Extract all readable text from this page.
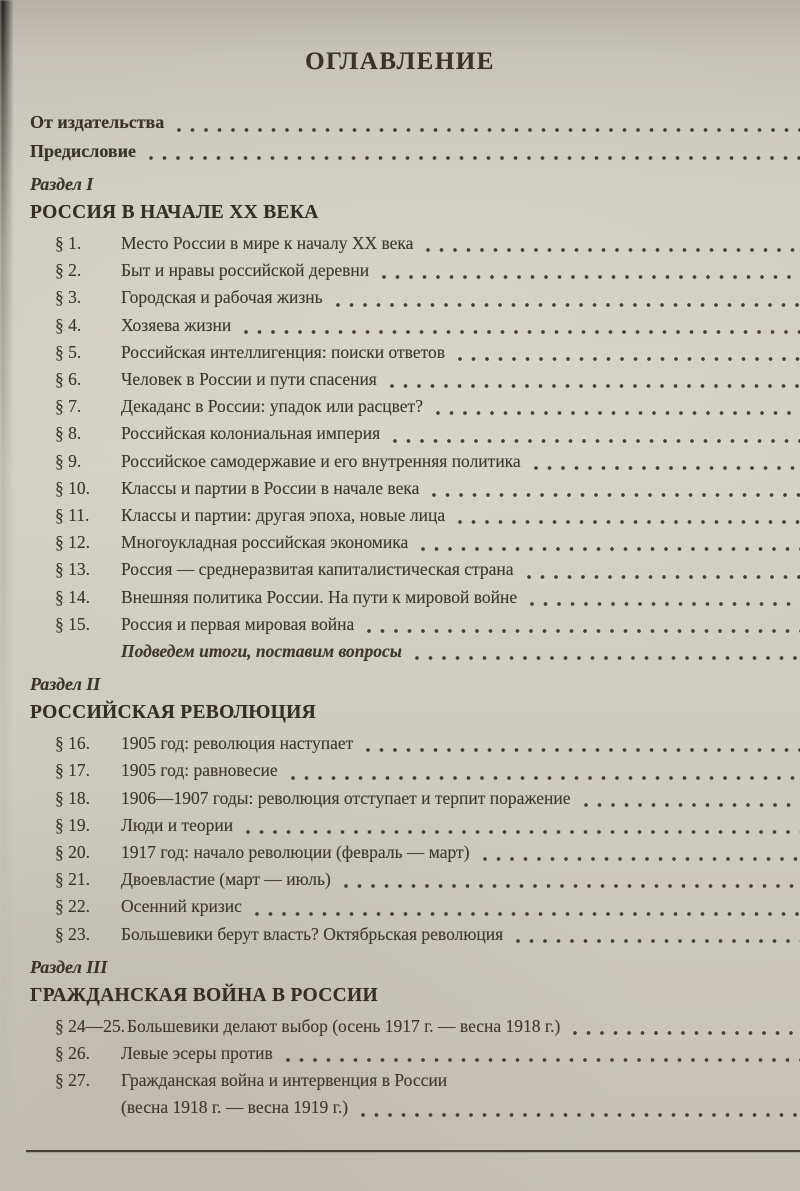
ОГЛАВЛЕНИЕ
От издательства
Предисловие
Раздел I
РОССИЯ В НАЧАЛЕ XX ВЕКА
§ 1.	Место России в мире к началу XX века
§ 2.	Быт и нравы российской деревни
§ 3.	Городская и рабочая жизнь
§ 4.	Хозяева жизни
§ 5.	Российская интеллигенция: поиски ответов
§ 6.	Человек в России и пути спасения
§ 7.	Декаданс в России: упадок или расцвет?
§ 8.	Российская колониальная империя
§ 9.	Российское самодержавие и его внутренняя политика
§ 10.	Классы и партии в России в начале века
§ 11.	Классы и партии: другая эпоха, новые лица
§ 12.	Многоукладная российская экономика
§ 13.	Россия — среднеразвитая капиталистическая страна
§ 14.	Внешняя политика России. На пути к мировой войне
§ 15.	Россия и первая мировая война
Подведем итоги, поставим вопросы
Раздел II
РОССИЙСКАЯ РЕВОЛЮЦИЯ
§ 16.	1905 год: революция наступает
§ 17.	1905 год: равновесие
§ 18.	1906—1907 годы: революция отступает и терпит поражение
§ 19.	Люди и теории
§ 20.	1917 год: начало революции (февраль — март)
§ 21.	Двоевластие (март — июль)
§ 22.	Осенний кризис
§ 23.	Большевики берут власть? Октябрьская революция
Раздел III
ГРАЖДАНСКАЯ ВОЙНА В РОССИИ
§ 24—25. Большевики делают выбор (осень 1917 г. — весна 1918 г.)
§ 26.	Левые эсеры против
§ 27.	Гражданская война и интервенция в России
(весна 1918 г. — весна 1919 г.)
